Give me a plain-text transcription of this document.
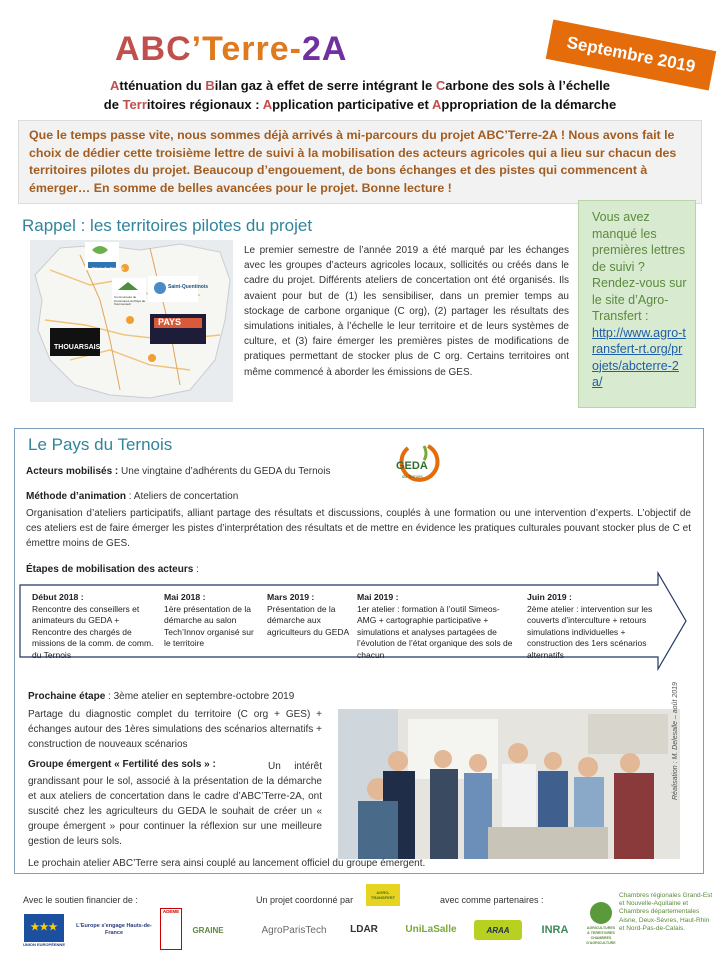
ABC’Terre-2A	Septembre 2019
Atténuation du Bilan gaz à effet de serre intégrant le Carbone des sols à l’échelle
de Territoires régionaux : Application participative et Appropriation de la démarche
Que le temps passe vite, nous sommes déjà arrivés à mi-parcours du projet ABC’Terre-2A ! Nous avons fait le choix de dédier cette troisième lettre de suivi à la mobilisation des acteurs agricoles qui a lieu sur chacun des territoires pilotes du projet. Beaucoup d’engouement, de bons échanges et des pistes qui commencent à émerger… En somme de belles avancées pour le projet. Bonne lecture !
Rappel : les territoires pilotes du projet
Pays du Ternois
Saint-Quentinois
THOUARSAIS
PAYS
Communauté de Communes du Pays de l'Hermenault
Le premier semestre de l’année 2019 a été marqué par les échanges avec les groupes d’acteurs agricoles locaux, sollicités ou créés dans le cadre du projet. Différents ateliers de concertation ont été organisés. Ils avaient pour but de (1) les sensibiliser, dans un premier temps au stockage de carbone organique (C org), (2) partager les résultats des simulations initiales, à l’échelle le leur territoire et de leurs systèmes de culture, et (3) faire émerger les premières pistes de modifications de pratiques permettant de stocker plus de C org. Certains territoires ont même commencé à aborder les émissions de GES.
Vous avez manqué les premières lettres de suivi ? Rendez-vous sur le site d’Agro-Transfert :
http://www.agro-transfert-rt.org/projets/abcterre-2a/
Le Pays du Ternois
Acteurs mobilisés : Une vingtaine d’adhérents du GEDA du Ternois	GEDA
du Ternois
Méthode d’animation : Ateliers de concertation
Organisation d’ateliers participatifs, alliant partage des résultats et discussions, couplés à une formation ou une intervention d’experts. L’objectif de ces ateliers est de faire émerger les pistes d’interprétation des résultats et de mettre en évidence les pratiques culturales pouvant stocker plus de C et émettre moins de GES.
Étapes de mobilisation des acteurs :
Début 2018 :
Rencontre des conseillers et animateurs du GEDA + Rencontre des chargés de missions de la comm. de comm. du Ternois
Mai 2018 :
1ère présentation de la démarche au salon Tech’Innov organisé sur le territoire
Mars 2019 :
Présentation de la démarche aux agriculteurs du GEDA
Mai 2019 :
1er atelier : formation à l’outil Simeos-AMG + cartographie participative + simulations et analyses partagées de l’évolution de l’état organique des sols de chacun
Juin 2019 :
2ème atelier : intervention sur les couverts d’interculture + retours simulations individuelles + construction des 1ers scénarios alternatifs
Prochaine étape : 3ème atelier en septembre-octobre 2019
Partage du diagnostic complet du territoire (C org + GES) + échanges autour des 1ères simulations des scénarios alternatifs + construction de nouveaux scénarios	Réalisation : M. Delesalle – août 2019
Groupe émergent « Fertilité des sols » :	Un intérêt grandissant pour le sol, associé à la présentation de la démarche et aux ateliers de concertation dans le cadre d’ABC’Terre-2A, ont suscité chez les agriculteurs du GEDA le souhait de créer un « groupe émergent » pour continuer la réflexion sur une meilleure gestion de leurs sols.
Le prochain atelier ABC’Terre sera ainsi couplé au lancement officiel du groupe émergent.
Avec le soutien financier de :	Un projet coordonné par	avec comme partenaires :
★★★
UNION EUROPÉENNE
L'Europe s'engage Hauts-de-France
ADEME
GRAINE
AGRO-TRANSFERT
AgroParisTech	LDAR	UniLaSalle	ARAA	INRA	AGRICULTURES & TERRITOIRES CHAMBRES D'AGRICULTURE
Chambres régionales Grand-Est et Nouvelle-Aquitaine et Chambres départementales Aisne, Deux-Sèvres, Haut-Rhin et Nord-Pas-de-Calais.
